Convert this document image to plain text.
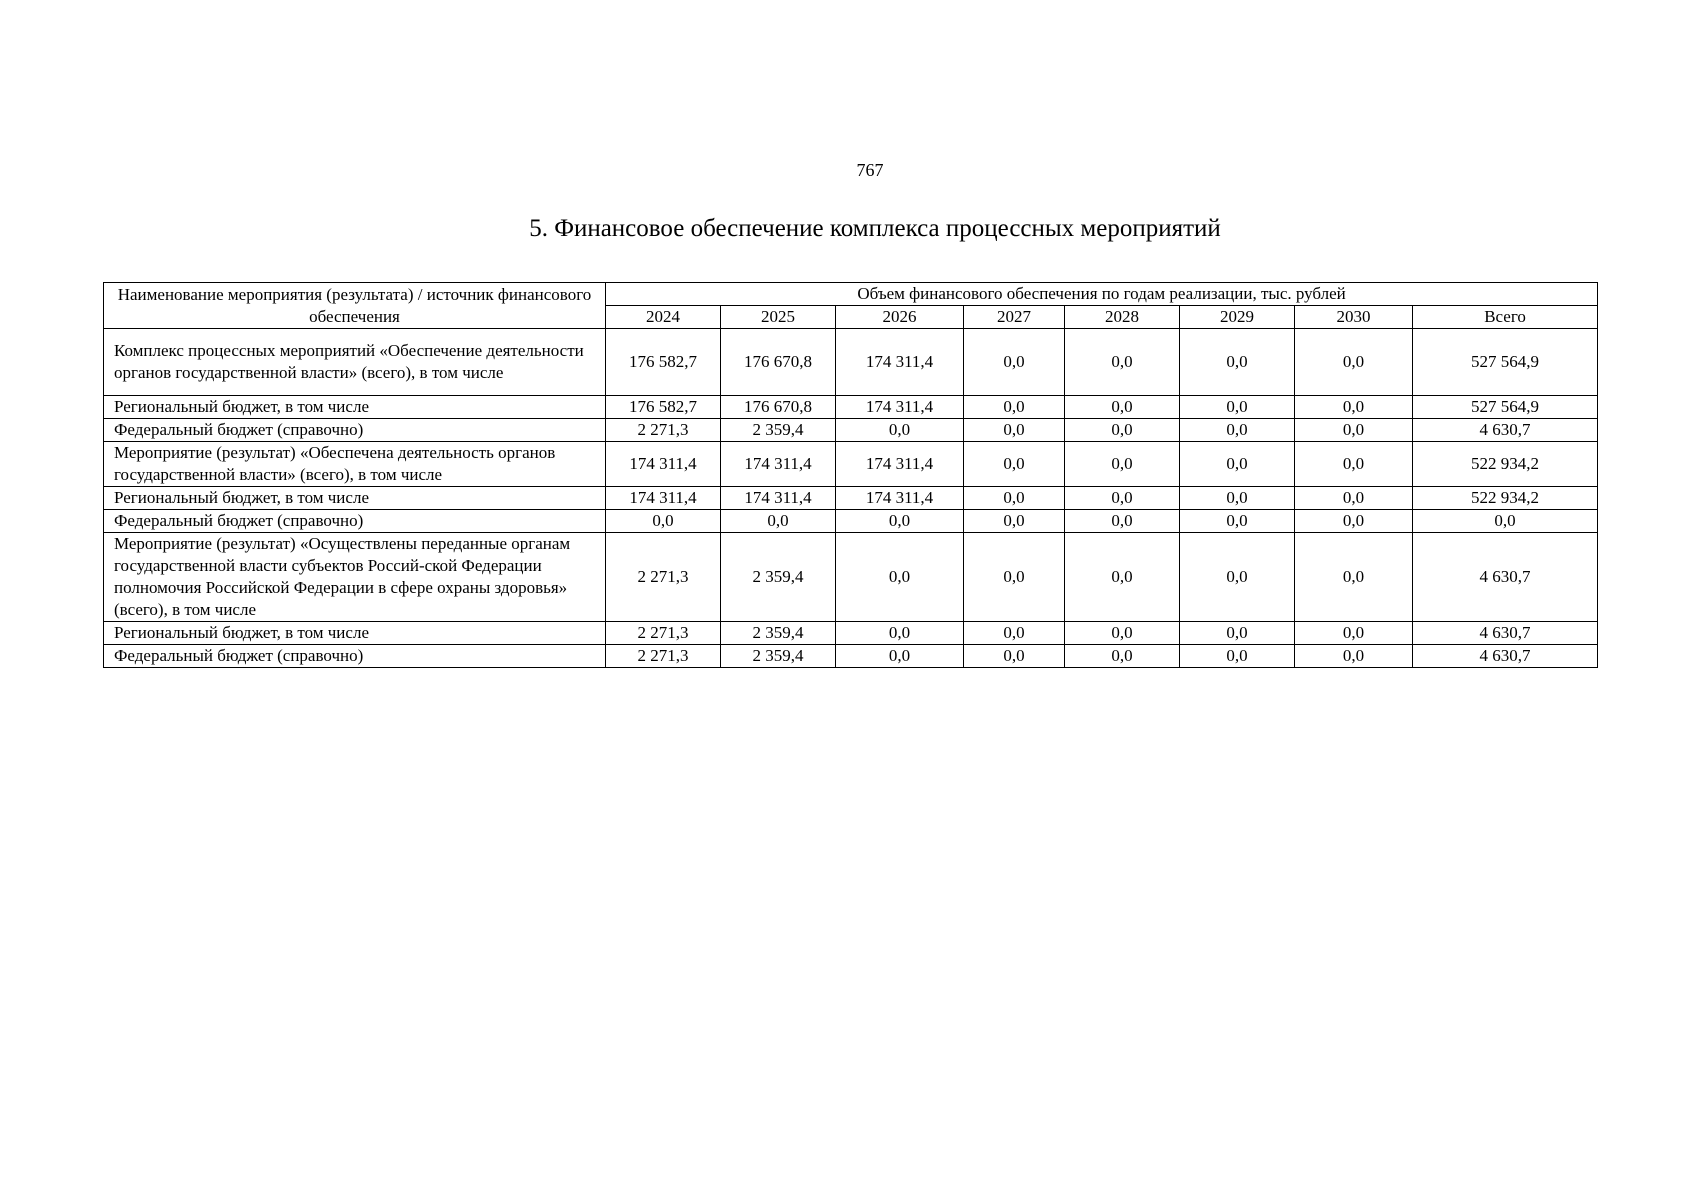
767
5. Финансовое обеспечение комплекса процессных мероприятий
Наименование мероприятия (результата) / источник финансового обеспечения	Объем финансового обеспечения по годам реализации, тыс. рублей							
	2024	2025	2026	2027	2028	2029	2030	Всего
Комплекс процессных мероприятий «Обеспечение деятельности органов государственной власти» (всего), в том числе	176 582,7	176 670,8	174 311,4	0,0	0,0	0,0	0,0	527 564,9
Региональный бюджет, в том числе	176 582,7	176 670,8	174 311,4	0,0	0,0	0,0	0,0	527 564,9
Федеральный бюджет (справочно)	2 271,3	2 359,4	0,0	0,0	0,0	0,0	0,0	4 630,7
Мероприятие (результат) «Обеспечена деятельность органов государственной власти» (всего), в том числе	174 311,4	174 311,4	174 311,4	0,0	0,0	0,0	0,0	522 934,2
Региональный бюджет, в том числе	174 311,4	174 311,4	174 311,4	0,0	0,0	0,0	0,0	522 934,2
Федеральный бюджет (справочно)	0,0	0,0	0,0	0,0	0,0	0,0	0,0	0,0
Мероприятие (результат) «Осуществлены переданные органам государственной власти субъектов Россий-ской Федерации полномочия Российской Федерации в сфере охраны здоровья» (всего), в том числе	2 271,3	2 359,4	0,0	0,0	0,0	0,0	0,0	4 630,7
Региональный бюджет, в том числе	2 271,3	2 359,4	0,0	0,0	0,0	0,0	0,0	4 630,7
Федеральный бюджет (справочно)	2 271,3	2 359,4	0,0	0,0	0,0	0,0	0,0	4 630,7
